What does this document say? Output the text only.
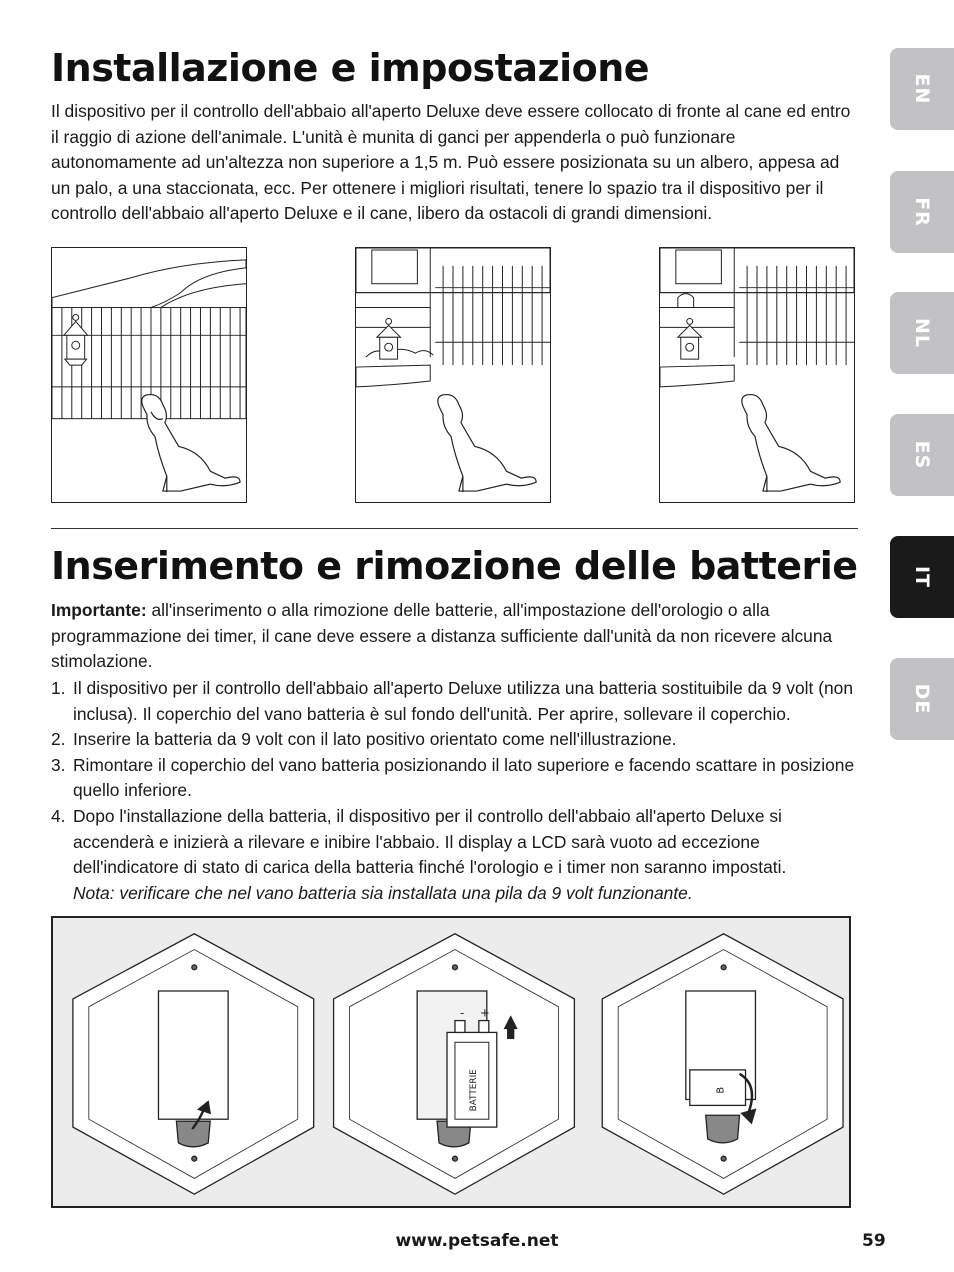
Installazione e impostazione

Il dispositivo per il controllo dell'abbaio all'aperto Deluxe deve essere collocato di fronte al cane ed entro il raggio di azione dell'animale. L'unità è munita di ganci per appenderla o può funzionare autonomamente ad un'altezza non superiore a 1,5 m. Può essere posizionata su un albero, appesa ad un palo, a una staccionata, ecc. Per ottenere i migliori risultati, tenere lo spazio tra il dispositivo per il controllo dell'abbaio all'aperto Deluxe e il cane, libero da ostacoli di grandi dimensioni.

Inserimento e rimozione delle batterie

Importante: all'inserimento o alla rimozione delle batterie, all'impostazione dell'orologio o alla programmazione dei timer, il cane deve essere a distanza sufficiente dall'unità da non ricevere alcuna stimolazione.

1. Il dispositivo per il controllo dell'abbaio all'aperto Deluxe utilizza una batteria sostituibile da 9 volt (non inclusa). Il coperchio del vano batteria è sul fondo dell'unità. Per aprire, sollevare il coperchio.
2. Inserire la batteria da 9 volt con il lato positivo orientato come nell'illustrazione.
3. Rimontare il coperchio del vano batteria posizionando il lato superiore e facendo scattare in posizione quello inferiore.
4. Dopo l'installazione della batteria, il dispositivo per il controllo dell'abbaio all'aperto Deluxe si accenderà e inizierà a rilevare e inibire l'abbaio. Il display a LCD sarà vuoto ad eccezione dell'indicatore di stato di carica della batteria finché l'orologio e i timer non saranno impostati.
Nota: verificare che nel vano batteria sia installata una pila da 9 volt funzionante.
- +
BATTERIE	B
EN
FR
NL
ES
IT
DE
www.petsafe.net	59
